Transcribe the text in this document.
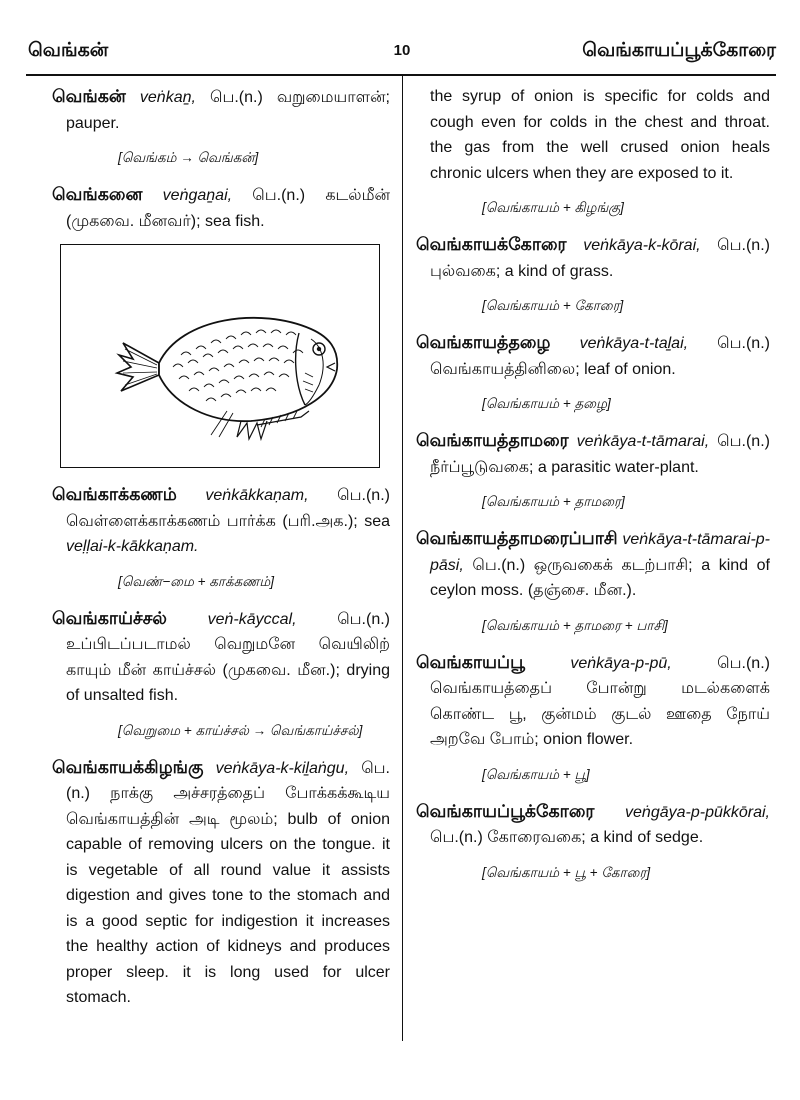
வெங்கன்	10	வெங்காயப்பூக்கோரை
வெங்கன் veṅkaṉ, பெ.(n.) வறுமையாளன்; pauper.
[வெங்கம் → வெங்கன்]
வெங்கனை veṅgaṉai, பெ.(n.) கடல்மீன் (முகவை. மீனவர்); sea fish.
வெங்காக்கணம் veṅkākkaṇam, பெ.(n.) வெள்ளைக்காக்கணம் பார்க்க (பரி.அக.); sea veḷḷai-k-kākkaṇam.
[வெண்−மை + காக்கணம்]
வெங்காய்ச்சல்	veṅ-kāyccal,	பெ.(n.) உப்பிடப்படாமல் வெறுமனே வெயிலிற் காயும் மீன் காய்ச்சல் (முகவை. மீன.); drying of unsalted fish.
[வெறுமை + காய்ச்சல் → வெங்காய்ச்சல்]
வெங்காயக்கிழங்கு veṅkāya-k-kiḻaṅgu, பெ.(n.) நாக்கு அச்சரத்தைப் போக்கக்கூடிய வெங்காயத்தின் அடி மூலம்; bulb of onion capable of removing ulcers on the tongue. it is vegetable of all round value it assists digestion and gives tone to the stomach and is a good septic for indigestion it increases the healthy action of kidneys and produces proper sleep. it is long used for ulcer stomach.
the syrup of onion is specific for colds and cough even for colds in the chest and throat. the gas from the well crused onion heals chronic ulcers when they are exposed to it.
[வெங்காயம் + கிழங்கு]
வெங்காயக்கோரை veṅkāya-k-kōrai, பெ.(n.) புல்வகை; a kind of grass.
[வெங்காயம் + கோரை]
வெங்காயத்தழை veṅkāya-t-taḻai, பெ.(n.) வெங்காயத்தினிலை; leaf of onion.
[வெங்காயம் + தழை]
வெங்காயத்தாமரை veṅkāya-t-tāmarai, பெ.(n.) நீர்ப்பூடுவகை; a parasitic water-plant.
[வெங்காயம் + தாமரை]
வெங்காயத்தாமரைப்பாசி veṅkāya-t-tāmarai-p-pāsi, பெ.(n.) ஒருவகைக் கடற்பாசி; a kind of ceylon moss. (தஞ்சை. மீன.).
[வெங்காயம் + தாமரை + பாசி]
வெங்காயப்பூ	veṅkāya-p-pū,	பெ.(n.) வெங்காயத்தைப் போன்று மடல்களைக் கொண்ட பூ, குன்மம் குடல் ஊதை நோய் அறவே போம்; onion flower.
[வெங்காயம் + பூ]
வெங்காயப்பூக்கோரை veṅgāya-p-pūkkōrai, பெ.(n.) கோரைவகை; a kind of sedge.
[வெங்காயம் + பூ + கோரை]
